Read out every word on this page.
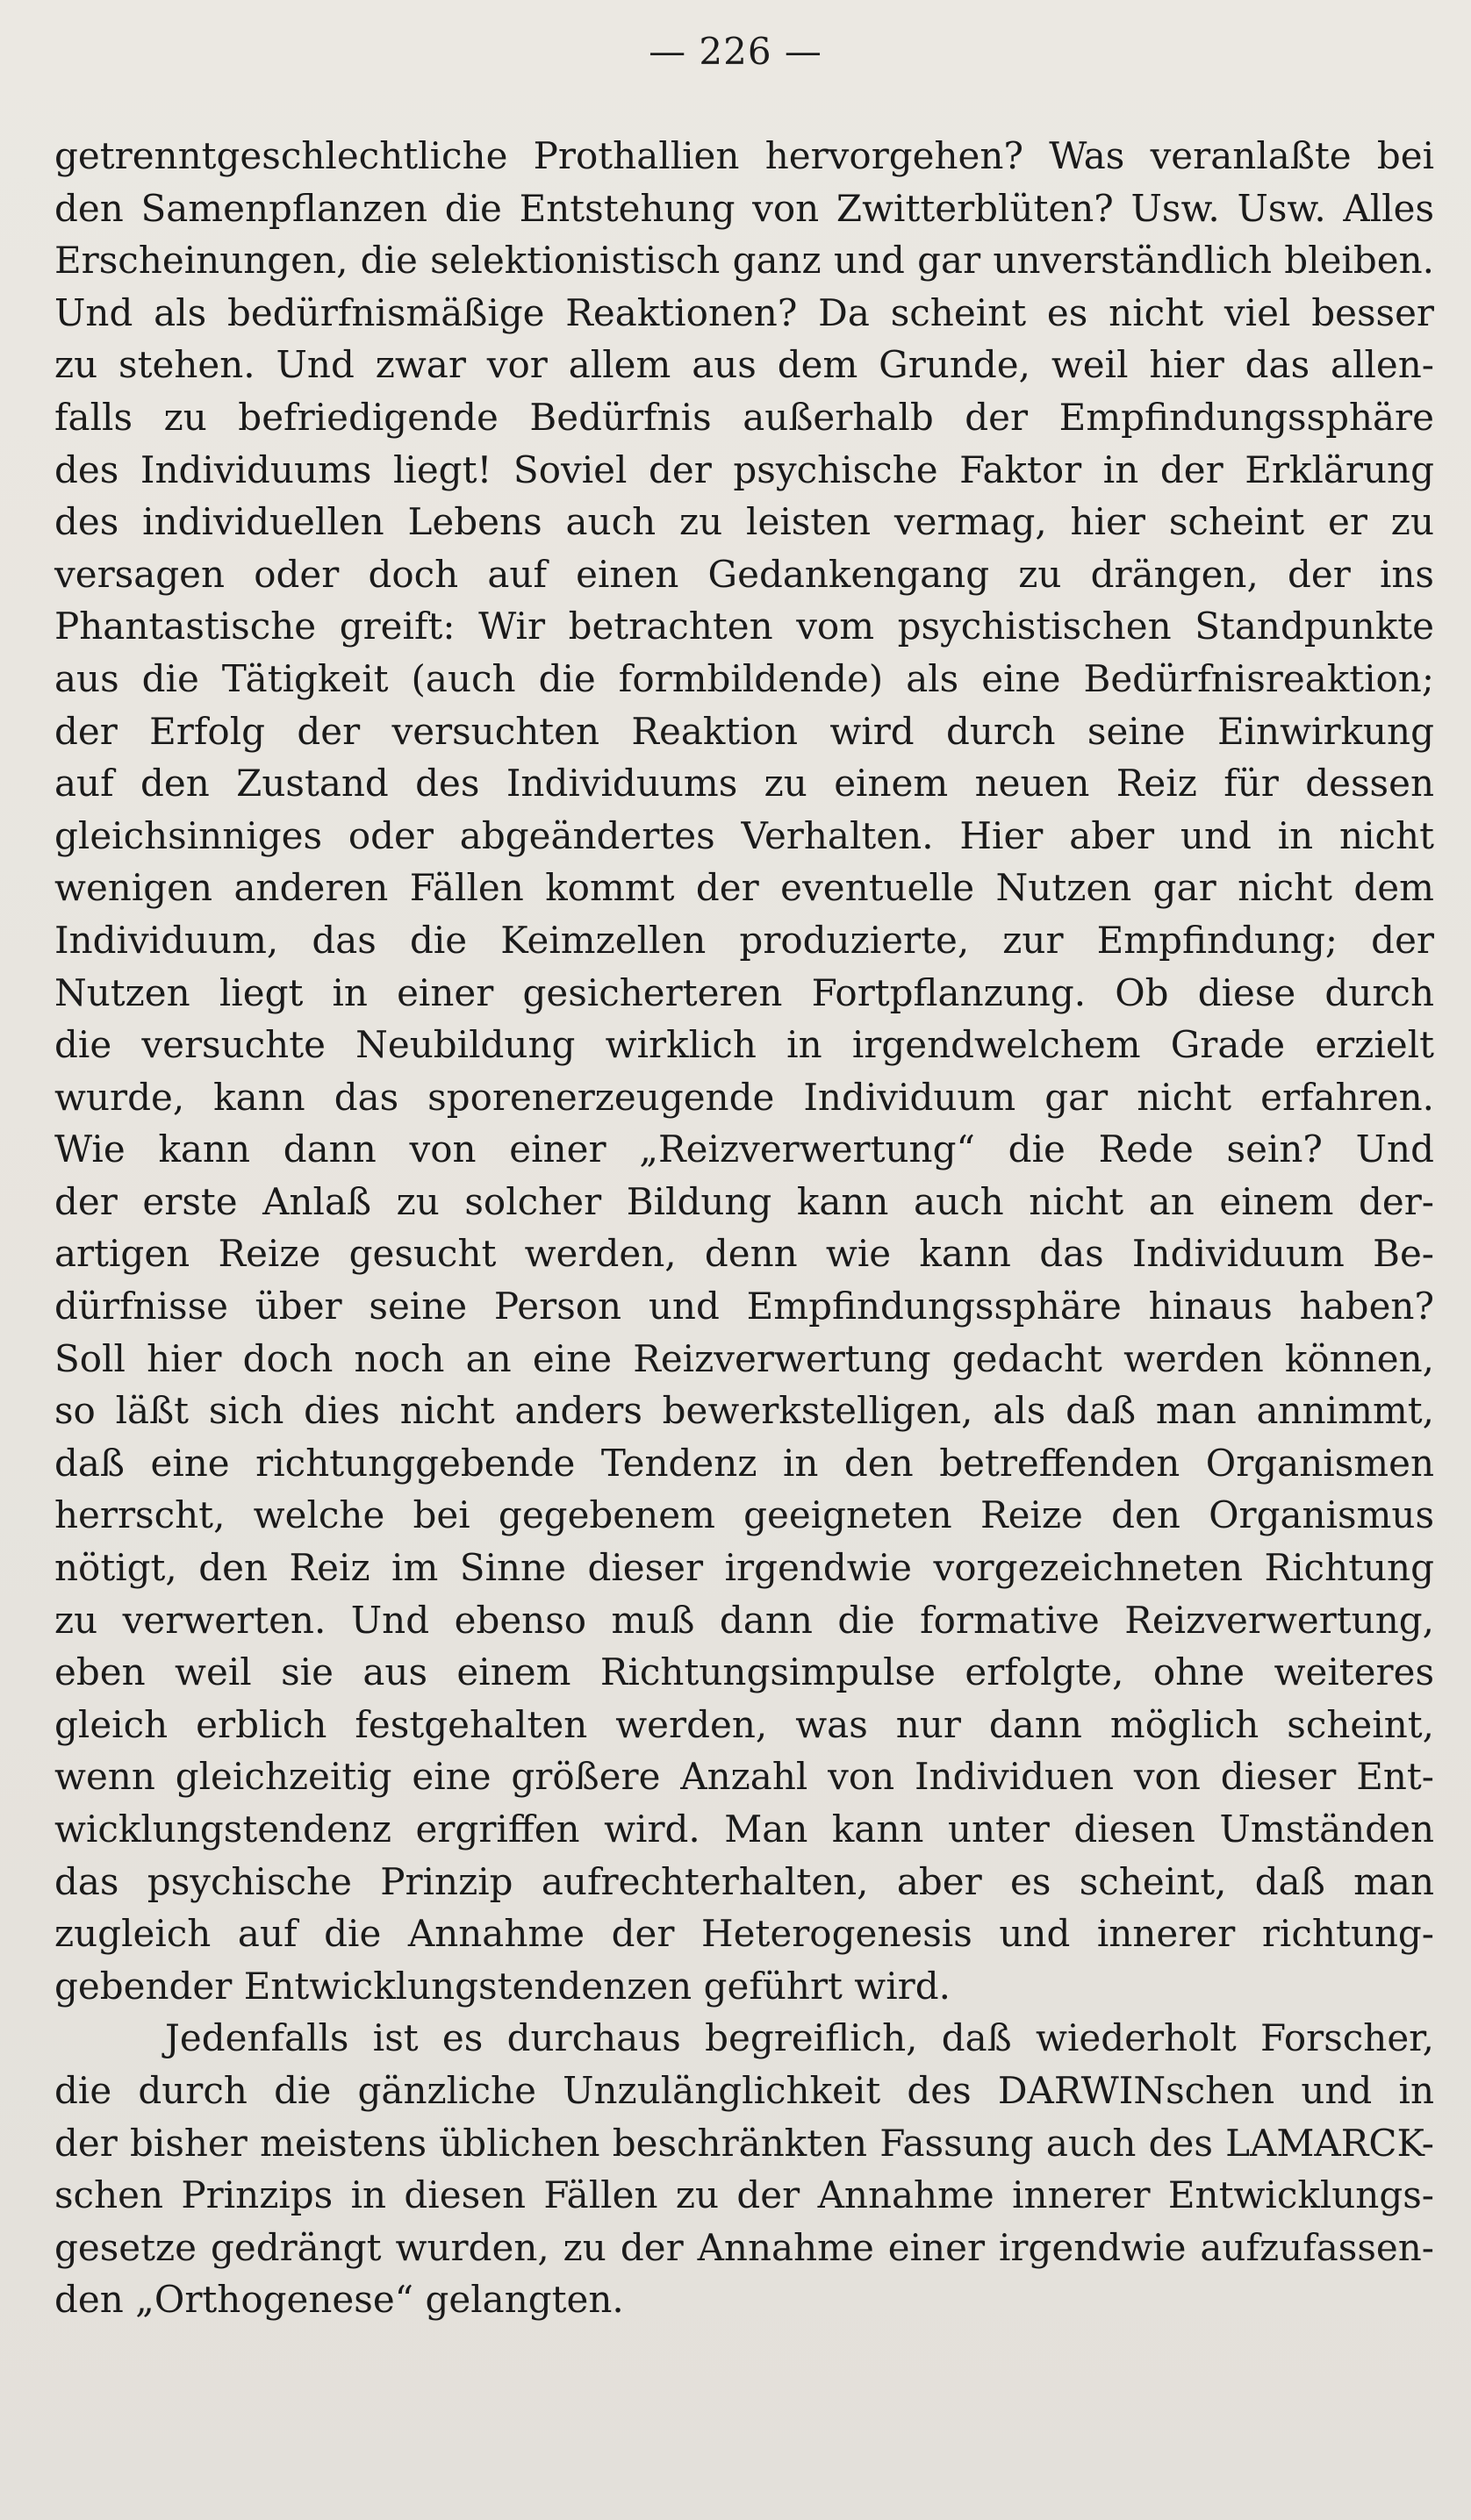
— 226 —

getrenntgeschlechtliche Prothallien hervorgehen? Was veranlaßte bei

den Samenpflanzen die Entstehung von Zwitterblüten? Usw. Usw. Alles

Erscheinungen, die selektionistisch ganz und gar unverständlich bleiben.

Und als bedürfnismäßige Reaktionen? Da scheint es nicht viel besser

zu stehen. Und zwar vor allem aus dem Grunde, weil hier das allen-

falls zu befriedigende Bedürfnis außerhalb der Empfindungssphäre

des Individuums liegt! Soviel der psychische Faktor in der Erklärung

des individuellen Lebens auch zu leisten vermag, hier scheint er zu

versagen oder doch auf einen Gedankengang zu drängen, der ins

Phantastische greift: Wir betrachten vom psychistischen Standpunkte

aus die Tätigkeit (auch die formbildende) als eine Bedürfnisreaktion;

der Erfolg der versuchten Reaktion wird durch seine Einwirkung

auf den Zustand des Individuums zu einem neuen Reiz für dessen

gleichsinniges oder abgeändertes Verhalten. Hier aber und in nicht

wenigen anderen Fällen kommt der eventuelle Nutzen gar nicht dem

Individuum, das die Keimzellen produzierte, zur Empfindung; der

Nutzen liegt in einer gesicherteren Fortpflanzung. Ob diese durch

die versuchte Neubildung wirklich in irgendwelchem Grade erzielt

wurde, kann das sporenerzeugende Individuum gar nicht erfahren.

Wie kann dann von einer „Reizverwertung“ die Rede sein? Und

der erste Anlaß zu solcher Bildung kann auch nicht an einem der-

artigen Reize gesucht werden, denn wie kann das Individuum Be-

dürfnisse über seine Person und Empfindungssphäre hinaus haben?

Soll hier doch noch an eine Reizverwertung gedacht werden können,

so läßt sich dies nicht anders bewerkstelligen, als daß man annimmt,

daß eine richtunggebende Tendenz in den betreffenden Organismen

herrscht, welche bei gegebenem geeigneten Reize den Organismus

nötigt, den Reiz im Sinne dieser irgendwie vorgezeichneten Richtung

zu verwerten. Und ebenso muß dann die formative Reizverwertung,

eben weil sie aus einem Richtungsimpulse erfolgte, ohne weiteres

gleich erblich festgehalten werden, was nur dann möglich scheint,

wenn gleichzeitig eine größere Anzahl von Individuen von dieser Ent-

wicklungstendenz ergriffen wird. Man kann unter diesen Umständen

das psychische Prinzip aufrechterhalten, aber es scheint, daß man

zugleich auf die Annahme der Heterogenesis und innerer richtung-

gebender Entwicklungstendenzen geführt wird.

Jedenfalls ist es durchaus begreiflich, daß wiederholt Forscher,

die durch die gänzliche Unzulänglichkeit des DARWINschen und in

der bisher meistens üblichen beschränkten Fassung auch des LAMARCK-

schen Prinzips in diesen Fällen zu der Annahme innerer Entwicklungs-

gesetze gedrängt wurden, zu der Annahme einer irgendwie aufzufassen-

den „Orthogenese“ gelangten.
